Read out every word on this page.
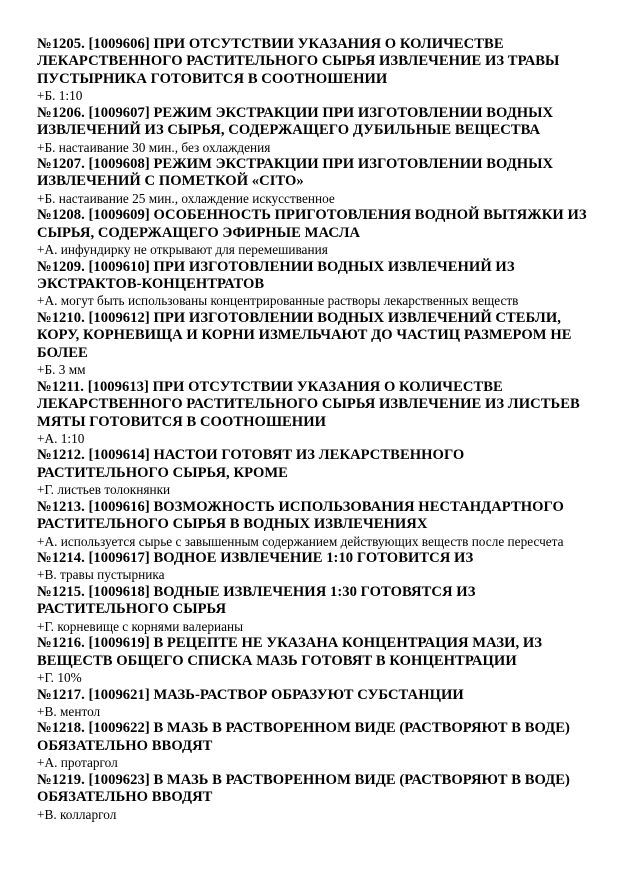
№1205. [1009606] ПРИ ОТСУТСТВИИ УКАЗАНИЯ О КОЛИЧЕСТВЕ ЛЕКАРСТВЕННОГО РАСТИТЕЛЬНОГО СЫРЬЯ ИЗВЛЕЧЕНИЕ ИЗ ТРАВЫ ПУСТЫРНИКА ГОТОВИТСЯ В СООТНОШЕНИИ
+Б. 1:10
№1206. [1009607] РЕЖИМ ЭКСТРАКЦИИ ПРИ ИЗГОТОВЛЕНИИ ВОДНЫХ ИЗВЛЕЧЕНИЙ ИЗ СЫРЬЯ, СОДЕРЖАЩЕГО ДУБИЛЬНЫЕ ВЕЩЕСТВА
+Б. настаивание 30 мин., без охлаждения
№1207. [1009608] РЕЖИМ ЭКСТРАКЦИИ ПРИ ИЗГОТОВЛЕНИИ ВОДНЫХ ИЗВЛЕЧЕНИЙ С ПОМЕТКОЙ «CITO»
+Б. настаивание 25 мин., охлаждение искусственное
№1208. [1009609] ОСОБЕННОСТЬ ПРИГОТОВЛЕНИЯ ВОДНОЙ ВЫТЯЖКИ ИЗ СЫРЬЯ, СОДЕРЖАЩЕГО ЭФИРНЫЕ МАСЛА
+А. инфундирку не открывают для перемешивания
№1209. [1009610] ПРИ ИЗГОТОВЛЕНИИ ВОДНЫХ ИЗВЛЕЧЕНИЙ ИЗ ЭКСТРАКТОВ-КОНЦЕНТРАТОВ
+А. могут быть использованы концентрированные растворы лекарственных веществ
№1210. [1009612] ПРИ ИЗГОТОВЛЕНИИ ВОДНЫХ ИЗВЛЕЧЕНИЙ СТЕБЛИ, КОРУ, КОРНЕВИЩА И КОРНИ ИЗМЕЛЬЧАЮТ ДО ЧАСТИЦ РАЗМЕРОМ НЕ БОЛЕЕ
+Б. 3 мм
№1211. [1009613] ПРИ ОТСУТСТВИИ УКАЗАНИЯ О КОЛИЧЕСТВЕ ЛЕКАРСТВЕННОГО РАСТИТЕЛЬНОГО СЫРЬЯ ИЗВЛЕЧЕНИЕ ИЗ ЛИСТЬЕВ МЯТЫ ГОТОВИТСЯ В СООТНОШЕНИИ
+А. 1:10
№1212. [1009614] НАСТОИ ГОТОВЯТ ИЗ ЛЕКАРСТВЕННОГО РАСТИТЕЛЬНОГО СЫРЬЯ, КРОМЕ
+Г. листьев толокнянки
№1213. [1009616] ВОЗМОЖНОСТЬ ИСПОЛЬЗОВАНИЯ НЕСТАНДАРТНОГО РАСТИТЕЛЬНОГО СЫРЬЯ В ВОДНЫХ ИЗВЛЕЧЕНИЯХ
+А. используется сырье с завышенным содержанием действующих веществ после пересчета
№1214. [1009617] ВОДНОЕ ИЗВЛЕЧЕНИЕ 1:10 ГОТОВИТСЯ ИЗ
+В. травы пустырника
№1215. [1009618] ВОДНЫЕ ИЗВЛЕЧЕНИЯ 1:30 ГОТОВЯТСЯ ИЗ РАСТИТЕЛЬНОГО СЫРЬЯ
+Г. корневище с корнями валерианы
№1216. [1009619] В РЕЦЕПТЕ НЕ УКАЗАНА КОНЦЕНТРАЦИЯ МАЗИ, ИЗ ВЕЩЕСТВ ОБЩЕГО СПИСКА МАЗЬ ГОТОВЯТ В КОНЦЕНТРАЦИИ
+Г. 10%
№1217. [1009621] МАЗЬ-РАСТВОР ОБРАЗУЮТ СУБСТАНЦИИ
+В. ментол
№1218. [1009622] В МАЗЬ В РАСТВОРЕННОМ ВИДЕ (РАСТВОРЯЮТ В ВОДЕ) ОБЯЗАТЕЛЬНО ВВОДЯТ
+А. протаргол
№1219. [1009623] В МАЗЬ В РАСТВОРЕННОМ ВИДЕ (РАСТВОРЯЮТ В ВОДЕ) ОБЯЗАТЕЛЬНО ВВОДЯТ
+В. колларгол
